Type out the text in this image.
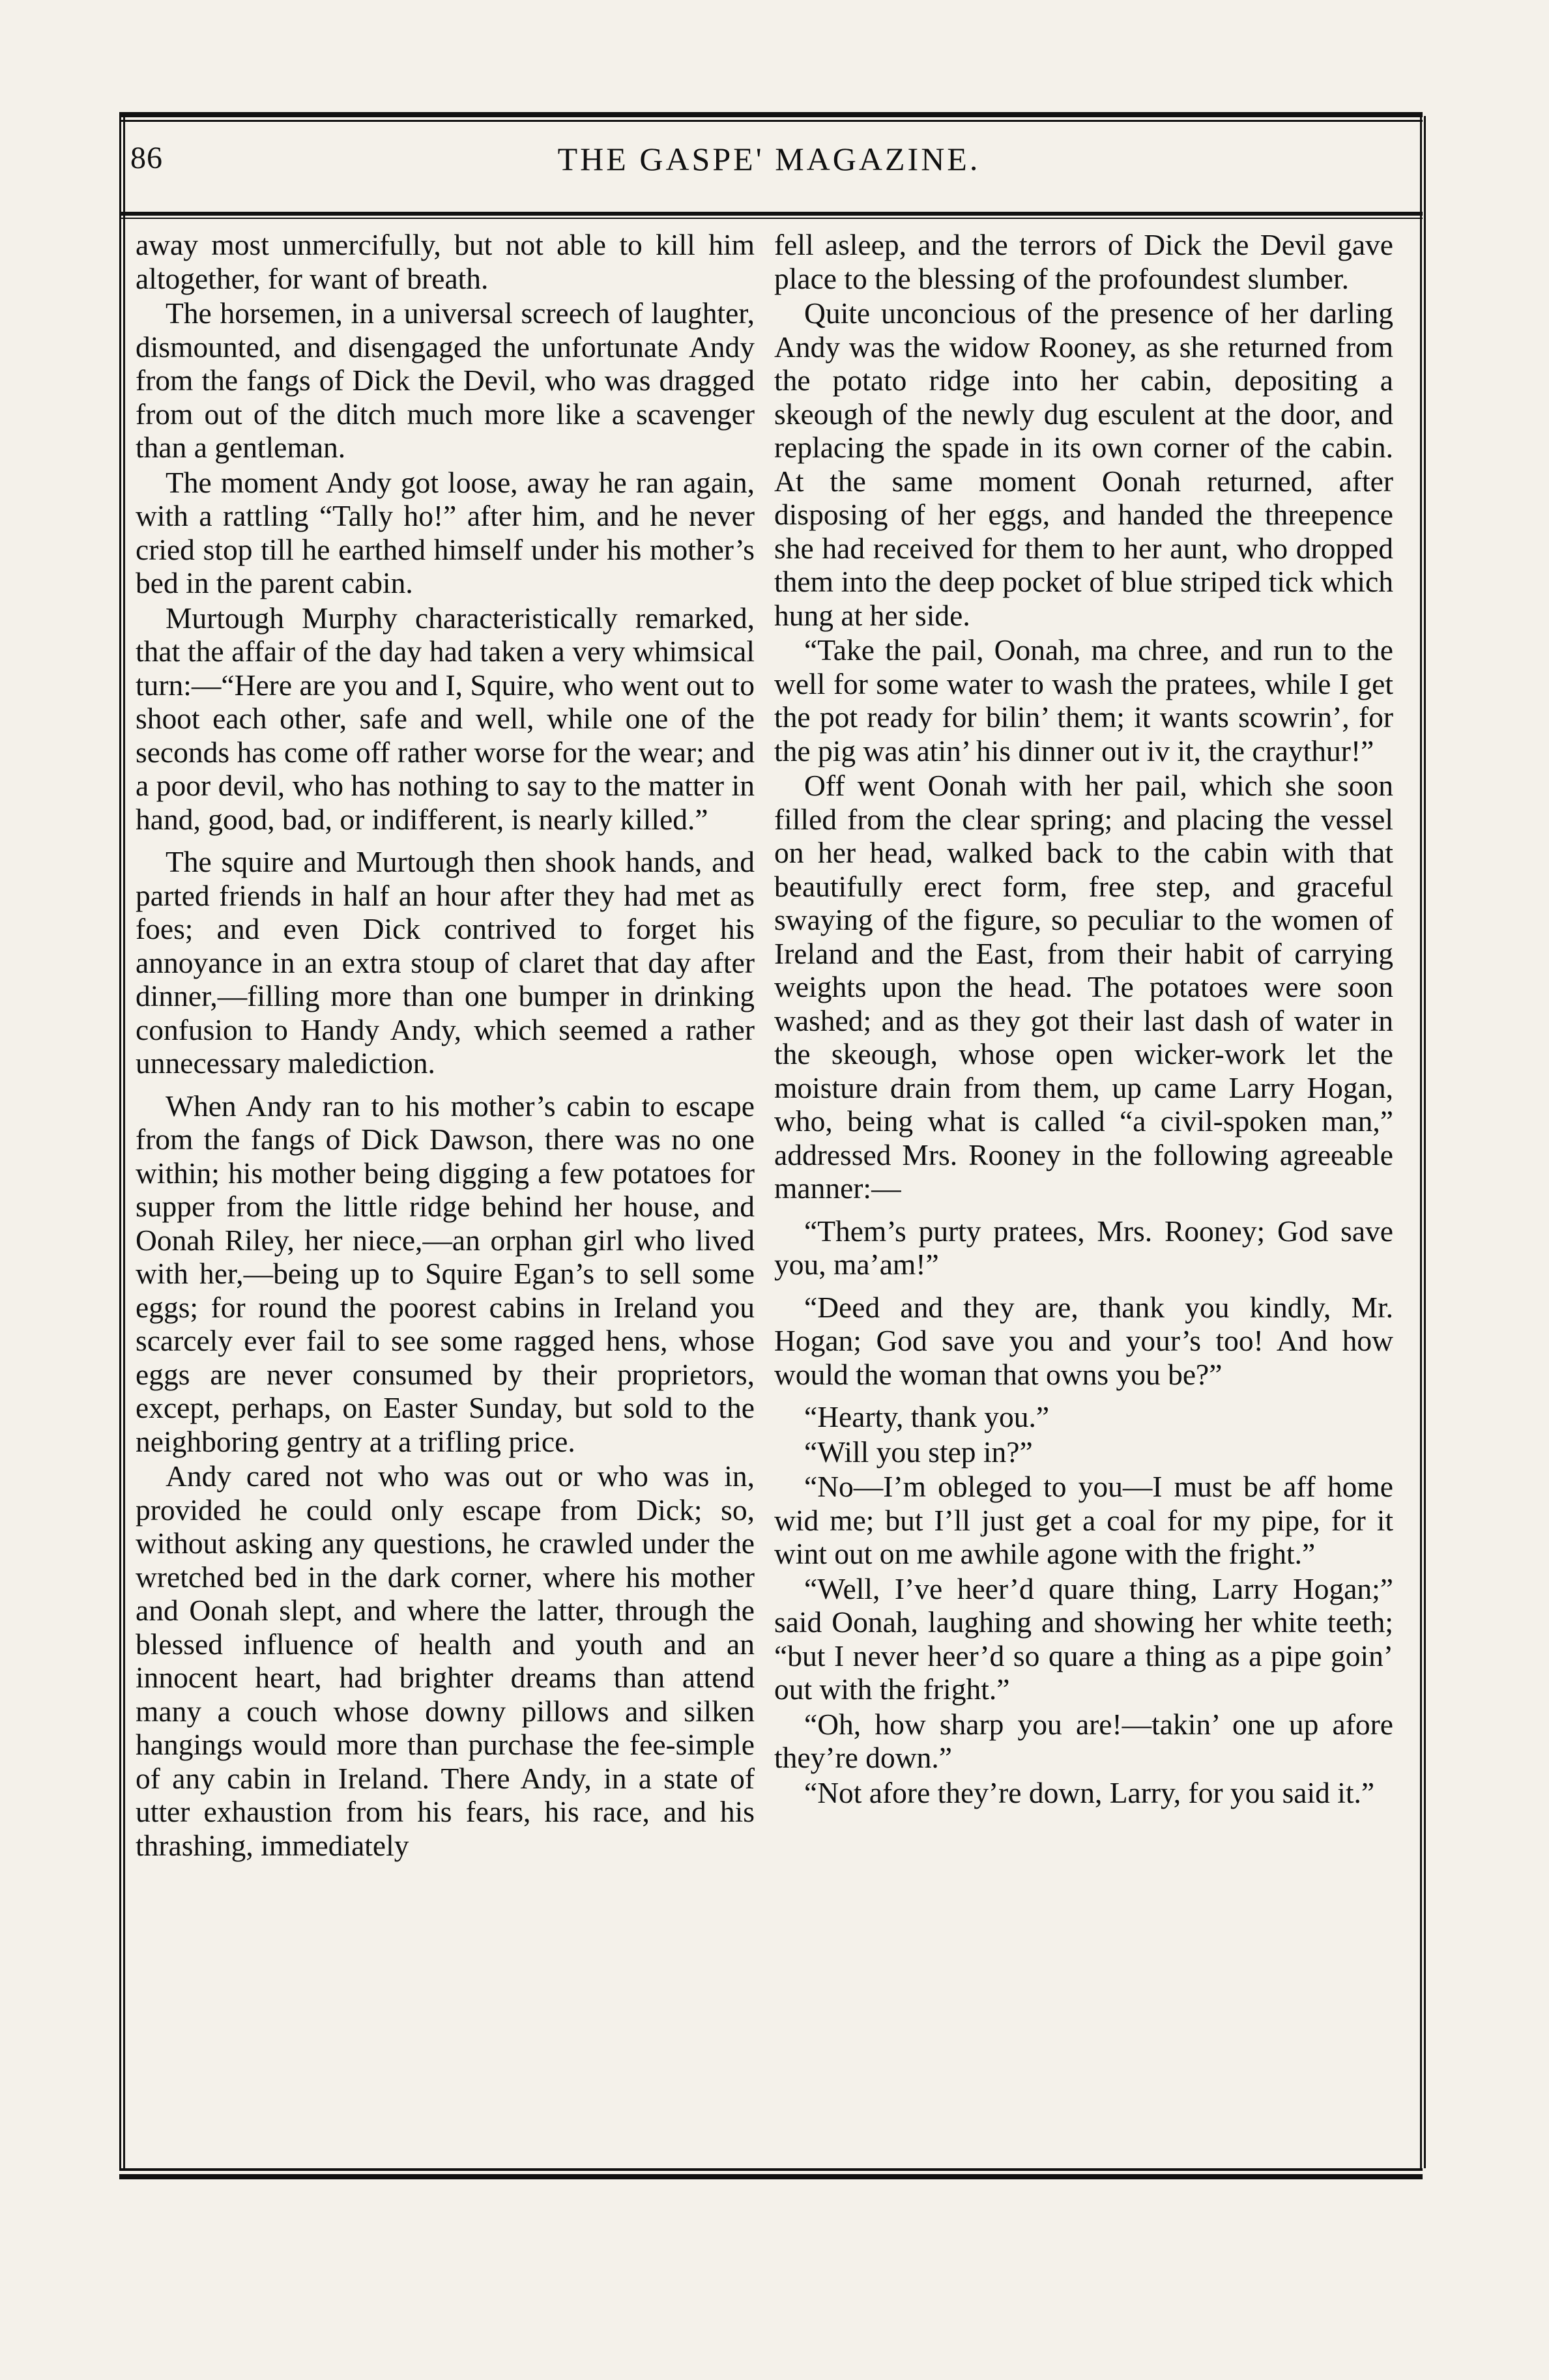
86	THE GASPE' MAGAZINE.

away most unmercifully, but not able to kill him altogether, for want of breath.

The horsemen, in a universal screech of laughter, dismounted, and disengaged the unfortunate Andy from the fangs of Dick the Devil, who was dragged from out of the ditch much more like a scavenger than a gentleman.

The moment Andy got loose, away he ran again, with a rattling “Tally ho!” after him, and he never cried stop till he earthed himself under his mother’s bed in the parent cabin.

Murtough Murphy characteristically remarked, that the affair of the day had taken a very whimsical turn:—“Here are you and I, Squire, who went out to shoot each other, safe and well, while one of the seconds has come off rather worse for the wear; and a poor devil, who has nothing to say to the matter in hand, good, bad, or indifferent, is nearly killed.”

The squire and Murtough then shook hands, and parted friends in half an hour after they had met as foes; and even Dick contrived to forget his annoyance in an extra stoup of claret that day after dinner,—filling more than one bumper in drinking confusion to Handy Andy, which seemed a rather unnecessary malediction.

When Andy ran to his mother’s cabin to escape from the fangs of Dick Dawson, there was no one within; his mother being digging a few potatoes for supper from the little ridge behind her house, and Oonah Riley, her niece,—an orphan girl who lived with her,—being up to Squire Egan’s to sell some eggs; for round the poorest cabins in Ireland you scarcely ever fail to see some ragged hens, whose eggs are never consumed by their proprietors, except, perhaps, on Easter Sunday, but sold to the neighboring gentry at a trifling price.

Andy cared not who was out or who was in, provided he could only escape from Dick; so, without asking any questions, he crawled under the wretched bed in the dark corner, where his mother and Oonah slept, and where the latter, through the blessed influence of health and youth and an innocent heart, had brighter dreams than attend many a couch whose downy pillows and silken hangings would more than purchase the fee-simple of any cabin in Ireland. There Andy, in a state of utter exhaustion from his fears, his race, and his thrashing, immediately

fell asleep, and the terrors of Dick the Devil gave place to the blessing of the profoundest slumber.

Quite unconcious of the presence of her darling Andy was the widow Rooney, as she returned from the potato ridge into her cabin, depositing a skeough of the newly dug esculent at the door, and replacing the spade in its own corner of the cabin. At the same moment Oonah returned, after disposing of her eggs, and handed the threepence she had received for them to her aunt, who dropped them into the deep pocket of blue striped tick which hung at her side.

“Take the pail, Oonah, ma chree, and run to the well for some water to wash the pratees, while I get the pot ready for bilin’ them; it wants scowrin’, for the pig was atin’ his dinner out iv it, the craythur!”

Off went Oonah with her pail, which she soon filled from the clear spring; and placing the vessel on her head, walked back to the cabin with that beautifully erect form, free step, and graceful swaying of the figure, so peculiar to the women of Ireland and the East, from their habit of carrying weights upon the head. The potatoes were soon washed; and as they got their last dash of water in the skeough, whose open wicker-work let the moisture drain from them, up came Larry Hogan, who, being what is called “a civil-spoken man,” addressed Mrs. Rooney in the following agreeable manner:—

“Them’s purty pratees, Mrs. Rooney; God save you, ma’am!”

“Deed and they are, thank you kindly, Mr. Hogan; God save you and your’s too! And how would the woman that owns you be?”

“Hearty, thank you.”

“Will you step in?”

“No—I’m obleged to you—I must be aff home wid me; but I’ll just get a coal for my pipe, for it wint out on me awhile agone with the fright.”

“Well, I’ve heer’d quare thing, Larry Hogan;” said Oonah, laughing and showing her white teeth; “but I never heer’d so quare a thing as a pipe goin’ out with the fright.”

“Oh, how sharp you are!—takin’ one up afore they’re down.”

“Not afore they’re down, Larry, for you said it.”
